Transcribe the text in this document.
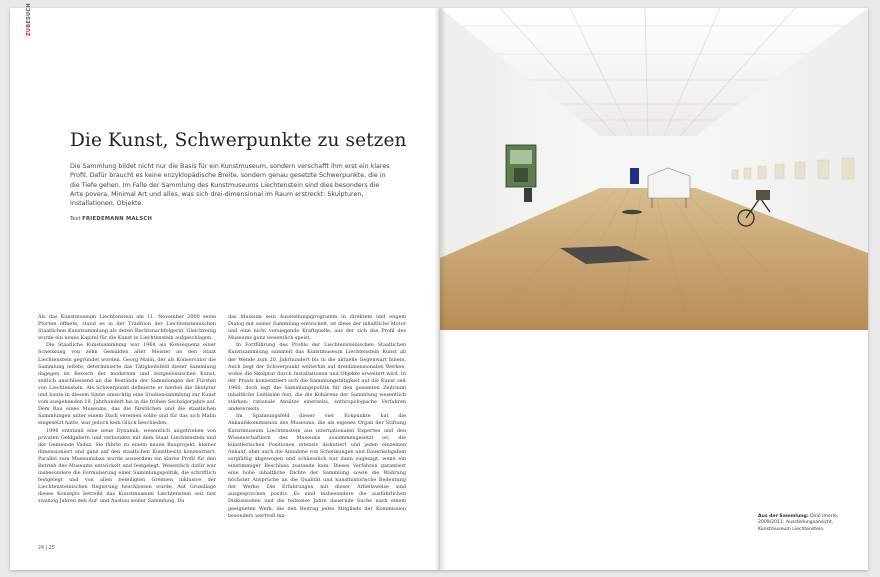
ZUBESUCH
Die Kunst, Schwerpunkte zu setzen

Die Sammlung bildet nicht nur die Basis für ein Kunstmuseum, sondern verschafft ihm erst ein klares Profil. Dafür braucht es keine enzyklopädische Breite, sondern genau gesetzte Schwerpunkte, die in die Tiefe gehen. Im Falle der Sammlung des Kunstmuseums Liechtenstein sind dies besonders die Arte povera, Minimal Art und alles, was sich drei-dimensional im Raum erstreckt: Skulpturen, Installationen, Objekte.

Text FRIEDEMANN MALSCH

Als das Kunstmuseum Liechtenstein am 11. November 2000 seine Pforten öffnete, stand es in der Tradition der Liechtensteinischen Staatlichen Kunstsammlung als deren Rechtsnachfolgerin. Gleichzeitig wurde ein neues Kapitel für die Kunst in Liechtenstein aufgeschlagen.

Die Staatliche Kunstsammlung war 1968 als Konsequenz einer Schenkung von zehn Gemälden alter Meister an den Staat Liechtenstein gegründet worden. Georg Malin, der als Konservator die Sammlung leitete, determinierte das Tätigkeitsfeld dieser Sammlung dagegen im Bereich der modernen und zeitgenössischen Kunst, zeitlich anschliessend an die Bestände der Sammlungen der Fürsten von Liechtenstein. Als Schwerpunkt definierte er hierbei die Skulptur und baute in diesem Sinne umsichtig eine Studiensammlung zur Kunst vom ausgehenden 19. Jahrhundert bis in die frühen Sechzigerjahre auf. Dem Bau eines Museums, das die fürstlichen und die staatlichen Sammlungen unter einem Dach vereinen sollte und für das sich Malin eingesetzt hatte, war jedoch kein Glück beschieden.

1996 entstand eine neue Dynamik, wesentlich angetrieben von privaten Geldgebern und verbunden mit dem Staat Liechtenstein und der Gemeinde Vaduz. Sie führte zu einem neuen Bauprojekt, kleiner dimensioniert und ganz auf den staatlichen Kunstbesitz konzentriert. Parallel zum Museumsbau wurde ausserdem ein klares Profil für den Betrieb des Museums entwickelt und festgelegt. Wesentlich dafür war insbesondere die Formulierung einer Sammlungspolitik, die schriftlich festgelegt und von allen beteiligten Gremien inklusive der Liechtensteinischen Regierung beschlossen wurde. Auf Grundlage dieses Konzepts betreibt das Kunstmuseum Liechtenstein seit fast zwanzig Jahren den Auf- und Ausbau seiner Sammlung. Da

das Museum sein Ausstellungsprogramm in direktem und engem Dialog mit seiner Sammlung entwickelt, ist diese der inhaltliche Motor und eine nicht versiegende Kraftquelle, aus der sich das Profil des Museums ganz wesentlich speist.

In Fortführung des Profils der Liechtensteinischen Staatlichen Kunstsammlung sammelt das Kunstmuseum Liechtenstein Kunst ab der Wende zum 20. Jahrhundert bis in die aktuelle Gegenwart hinein. Auch liegt der Schwerpunkt weiterhin auf dreidimensionalen Werken, wobei die Skulptur durch Installationen und Objekte erweitert wird. In der Praxis konzentriert sich die Sammlungstätigkeit auf die Kunst seit 1960, doch legt die Sammlungspolitik für den gesamten Zeitraum inhaltliche Leitlinien fest, die die Kohärenz der Sammlung wesentlich stärken: rationale Ansätze einerseits, anthropologische Verfahren andererseits.

Im Spannungsfeld dieser vier Eckpunkte hat die Ankaufskommission des Museums, die als eigenes Organ der Stiftung Kunstmuseum Liechtenstein aus internationalen Experten und den Wissenschaftlern des Museums zusammengesetzt ist, die künstlerischen Positionen intensiv diskutiert und jeden einzelnen Ankauf, aber auch die Annahme von Schenkungen und Dauerleihgaben sorgfältig abgewogen und schliesslich nur dann zugesagt, wenn ein einstimmiger Beschluss zustande kam. Dieses Verfahren garantiert eine hohe inhaltliche Dichte der Sammlung sowie die Wahrung höchster Ansprüche an die Qualität und kunsthistorische Bedeutung der Werke. Die Erfahrungen mit dieser Arbeitsweise sind ausgesprochen positiv. Es sind insbesondere die ausführlichen Diskussionen und die teilweise Jahre dauernde Suche nach einem geeigneten Werk, die den Beitrag jedes Mitglieds der Kommission besonders wertvoll ma-

24 | 25
Aus der Sammlung: Dinó Imerle, 2009/2011: Ausstellungsansicht, Kunstmuseum Liechtenstein.
